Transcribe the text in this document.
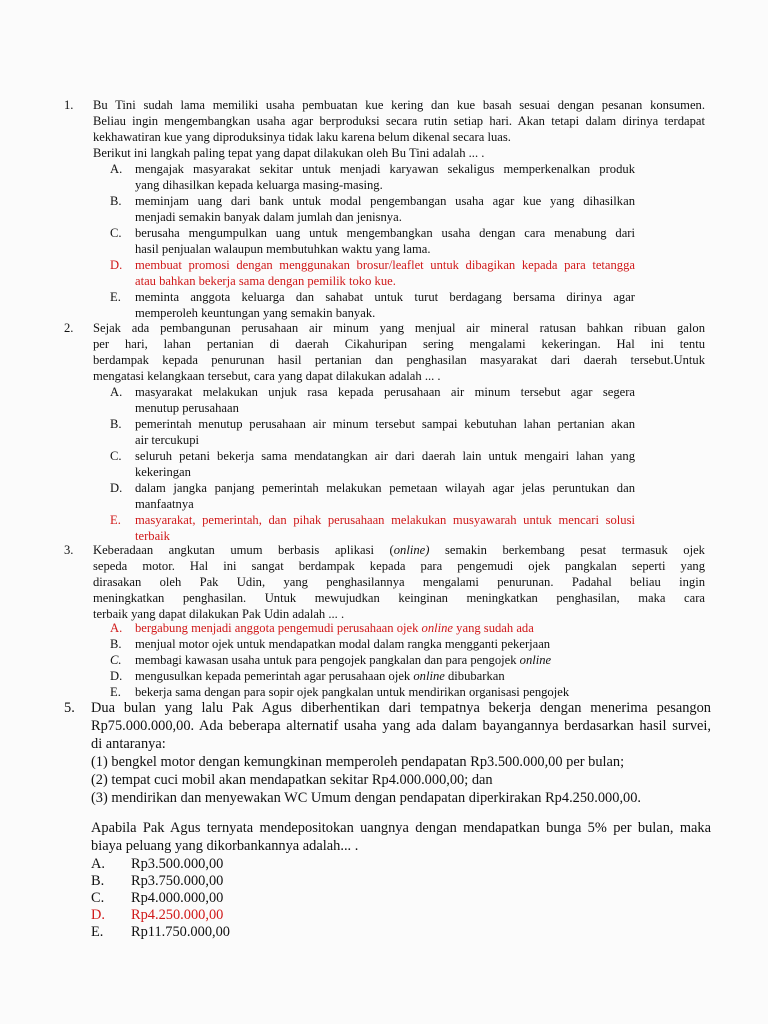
1. Bu Tini sudah lama memiliki usaha pembuatan kue kering dan kue basah sesuai dengan pesanan konsumen.
Beliau ingin mengembangkan usaha agar berproduksi secara rutin setiap hari. Akan tetapi dalam dirinya terdapat
kekhawatiran kue yang diproduksinya tidak laku karena belum dikenal secara luas.
Berikut ini langkah paling tepat yang dapat dilakukan oleh Bu Tini adalah ... .
A. mengajak masyarakat sekitar untuk menjadi karyawan sekaligus memperkenalkan produk
yang dihasilkan kepada keluarga masing-masing.
B. meminjam uang dari bank untuk modal pengembangan usaha agar kue yang dihasilkan
menjadi semakin banyak dalam jumlah dan jenisnya.
C. berusaha mengumpulkan uang untuk mengembangkan usaha dengan cara menabung dari
hasil penjualan walaupun membutuhkan waktu yang lama.
D. membuat promosi dengan menggunakan brosur/leaflet untuk dibagikan kepada para tetangga
atau bahkan bekerja sama dengan pemilik toko kue.
E. meminta anggota keluarga dan sahabat untuk turut berdagang bersama dirinya agar
memperoleh keuntungan yang semakin banyak.
2. Sejak ada pembangunan perusahaan air minum yang menjual air mineral ratusan bahkan ribuan galon
per hari, lahan pertanian di daerah Cikahuripan sering mengalami kekeringan. Hal ini tentu
berdampak kepada penurunan hasil pertanian dan penghasilan masyarakat dari daerah tersebut.Untuk
mengatasi kelangkaan tersebut, cara yang dapat dilakukan adalah ... .
A. masyarakat melakukan unjuk rasa kepada perusahaan air minum tersebut agar segera
menutup perusahaan
B. pemerintah menutup perusahaan air minum tersebut sampai kebutuhan lahan pertanian akan
air tercukupi
C. seluruh petani bekerja sama mendatangkan air dari daerah lain untuk mengairi lahan yang
kekeringan
D. dalam jangka panjang pemerintah melakukan pemetaan wilayah agar jelas peruntukan dan
manfaatnya
E. masyarakat, pemerintah, dan pihak perusahaan melakukan musyawarah untuk mencari solusi
terbaik
3. Keberadaan angkutan umum berbasis aplikasi (online) semakin berkembang pesat termasuk ojek
sepeda motor. Hal ini sangat berdampak kepada para pengemudi ojek pangkalan seperti yang
dirasakan oleh Pak Udin, yang penghasilannya mengalami penurunan. Padahal beliau ingin
meningkatkan penghasilan. Untuk mewujudkan keinginan meningkatkan penghasilan, maka cara
terbaik yang dapat dilakukan Pak Udin adalah ... .
A. bergabung menjadi anggota pengemudi perusahaan ojek online yang sudah ada
B. menjual motor ojek untuk mendapatkan modal dalam rangka mengganti pekerjaan
C. membagi kawasan usaha untuk para pengojek pangkalan dan para pengojek online
D. mengusulkan kepada pemerintah agar perusahaan ojek online dibubarkan
E. bekerja sama dengan para sopir ojek pangkalan untuk mendirikan organisasi pengojek
5. Dua bulan yang lalu Pak Agus diberhentikan dari tempatnya bekerja dengan menerima pesangon
Rp75.000.000,00. Ada beberapa alternatif usaha yang ada dalam bayangannya berdasarkan hasil survei,
di antaranya:
(1) bengkel motor dengan kemungkinan memperoleh pendapatan Rp3.500.000,00 per bulan;
(2) tempat cuci mobil akan mendapatkan sekitar Rp4.000.000,00; dan
(3) mendirikan dan menyewakan WC Umum dengan pendapatan diperkirakan Rp4.250.000,00.
Apabila Pak Agus ternyata mendepositokan uangnya dengan mendapatkan bunga 5% per bulan, maka
biaya peluang yang dikorbankannya adalah... .
A. Rp3.500.000,00
B. Rp3.750.000,00
C. Rp4.000.000,00
D. Rp4.250.000,00
E. Rp11.750.000,00
